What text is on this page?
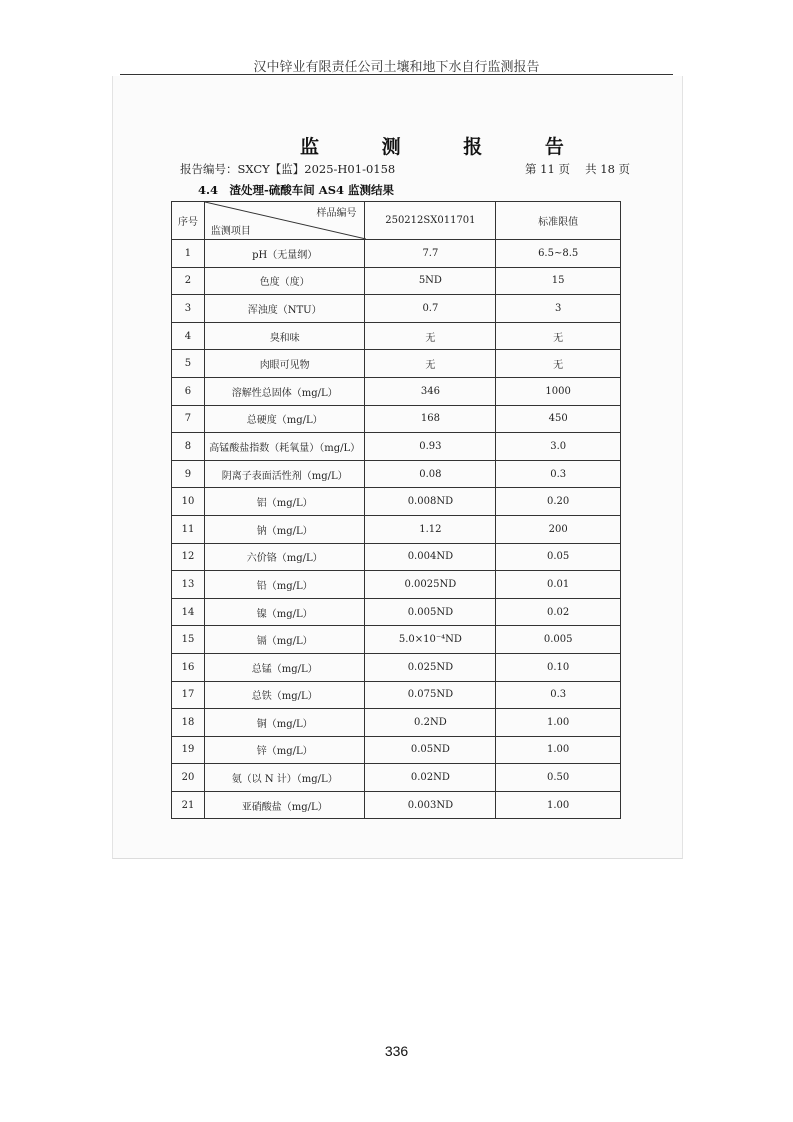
汉中锌业有限责任公司土壤和地下水自行监测报告
监 测 报 告
报告编号：SXCY【监】2025-H01-0158	第 11 页　 共 18 页
4.4　渣处理-硫酸车间 AS4 监测结果
序号	样品编号
监测项目	250212SX011701	标准限值
1	pH（无量纲）	7.7	6.5~8.5
2	色度（度）	5ND	15
3	浑浊度（NTU）	0.7	3
4	臭和味	无	无
5	肉眼可见物	无	无
6	溶解性总固体（mg/L）	346	1000
7	总硬度（mg/L）	168	450
8	高锰酸盐指数（耗氧量）（mg/L）	0.93	3.0
9	阴离子表面活性剂（mg/L）	0.08	0.3
10	铝（mg/L）	0.008ND	0.20
11	钠（mg/L）	1.12	200
12	六价铬（mg/L）	0.004ND	0.05
13	铅（mg/L）	0.0025ND	0.01
14	镍（mg/L）	0.005ND	0.02
15	镉（mg/L）	5.0×10⁻⁴ND	0.005
16	总锰（mg/L）	0.025ND	0.10
17	总铁（mg/L）	0.075ND	0.3
18	铜（mg/L）	0.2ND	1.00
19	锌（mg/L）	0.05ND	1.00
20	氨（以 N 计）（mg/L）	0.02ND	0.50
21	亚硝酸盐（mg/L）	0.003ND	1.00
336
